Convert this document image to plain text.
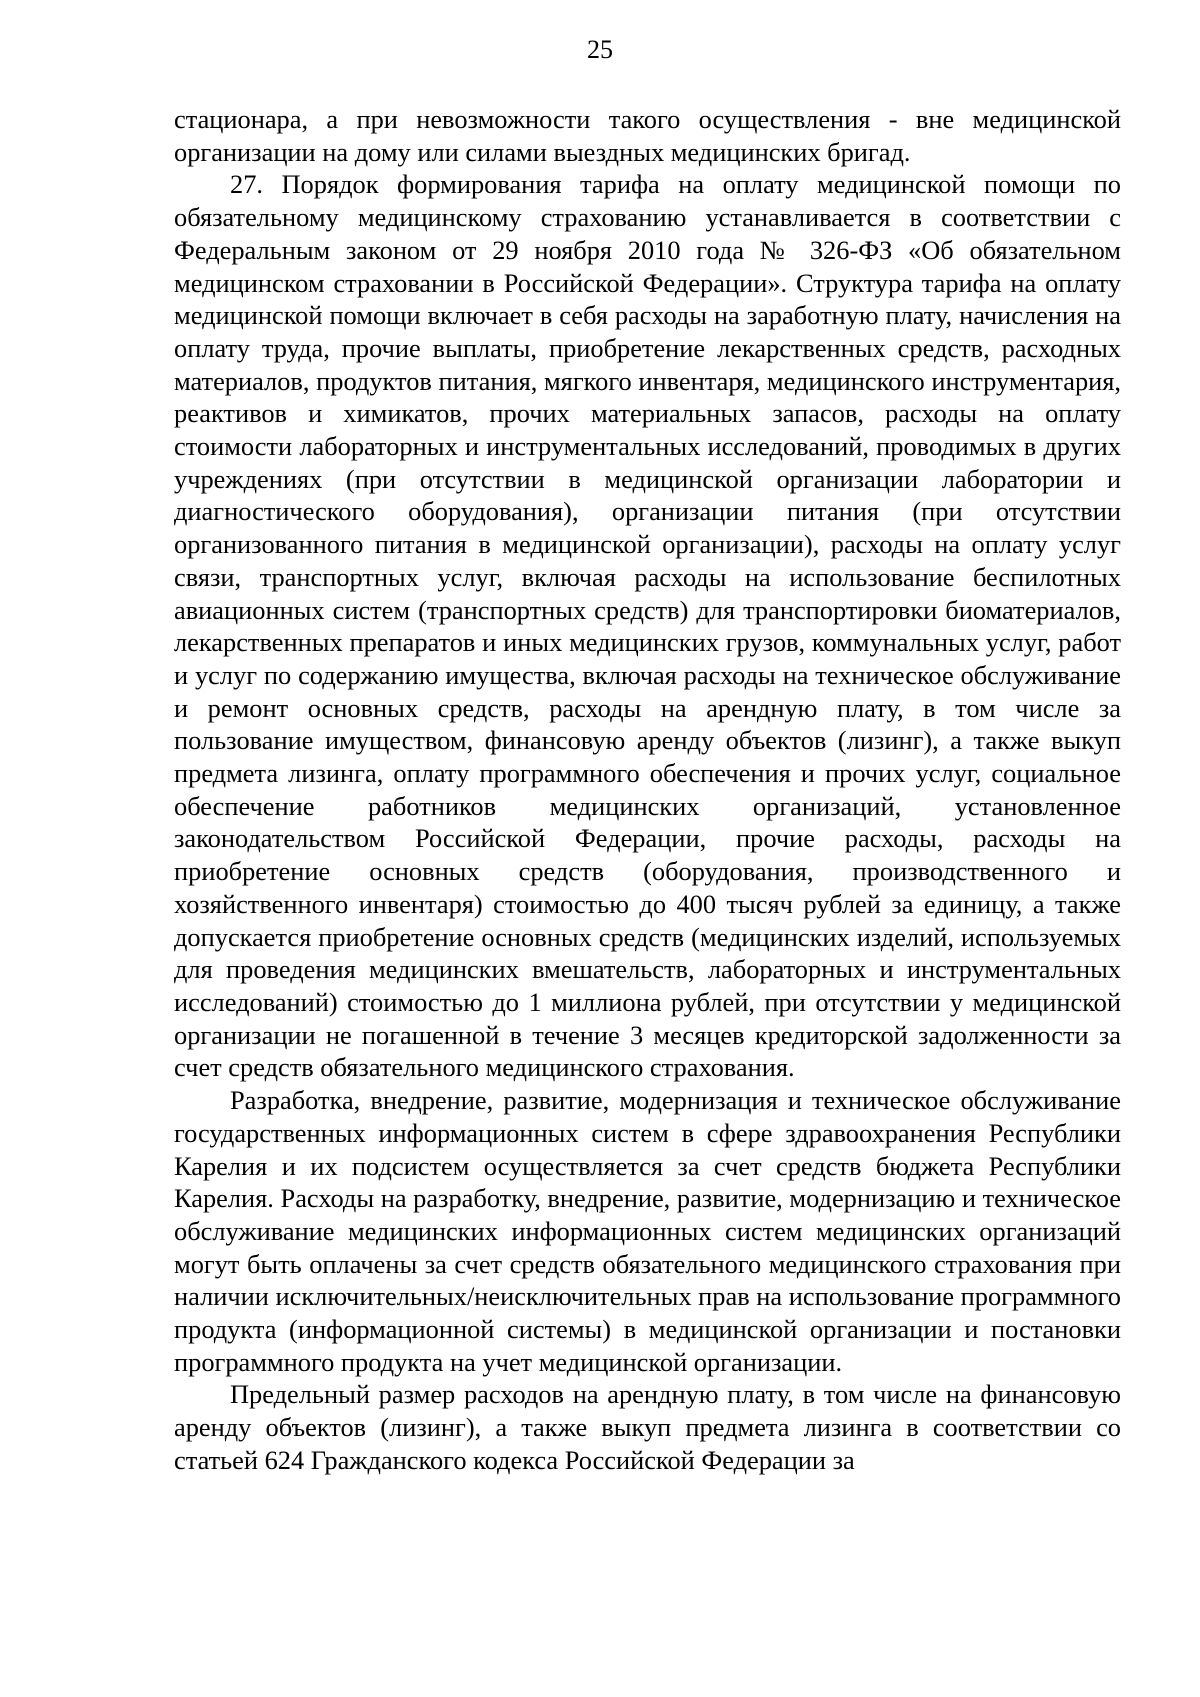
25

стационара, а при невозможности такого осуществления - вне медицинской организации на дому или силами выездных медицинских бригад.

27. Порядок формирования тарифа на оплату медицинской помощи по обязательному медицинскому страхованию устанавливается в соответствии с Федеральным законом от 29 ноября 2010 года № 326-ФЗ «Об обязательном медицинском страховании в Российской Федерации». Структура тарифа на оплату медицинской помощи включает в себя расходы на заработную плату, начисления на оплату труда, прочие выплаты, приобретение лекарственных средств, расходных материалов, продуктов питания, мягкого инвентаря, медицинского инструментария, реактивов и химикатов, прочих материальных запасов, расходы на оплату стоимости лабораторных и инструментальных исследований, проводимых в других учреждениях (при отсутствии в медицинской организации лаборатории и диагностического оборудования), организации питания (при отсутствии организованного питания в медицинской организации), расходы на оплату услуг связи, транспортных услуг, включая расходы на использование беспилотных авиационных систем (транспортных средств) для транспортировки биоматериалов, лекарственных препаратов и иных медицинских грузов, коммунальных услуг, работ и услуг по содержанию имущества, включая расходы на техническое обслуживание и ремонт основных средств, расходы на арендную плату, в том числе за пользование имуществом, финансовую аренду объектов (лизинг), а также выкуп предмета лизинга, оплату программного обеспечения и прочих услуг, социальное обеспечение работников медицинских организаций, установленное законодательством Российской Федерации, прочие расходы, расходы на приобретение основных средств (оборудования, производственного и хозяйственного инвентаря) стоимостью до 400 тысяч рублей за единицу, а также допускается приобретение основных средств (медицинских изделий, используемых для проведения медицинских вмешательств, лабораторных и инструментальных исследований) стоимостью до 1 миллиона рублей, при отсутствии у медицинской организации не погашенной в течение 3 месяцев кредиторской задолженности за счет средств обязательного медицинского страхования.

Разработка, внедрение, развитие, модернизация и техническое обслуживание государственных информационных систем в сфере здравоохранения Республики Карелия и их подсистем осуществляется за счет средств бюджета Республики Карелия. Расходы на разработку, внедрение, развитие, модернизацию и техническое обслуживание медицинских информационных систем медицинских организаций могут быть оплачены за счет средств обязательного медицинского страхования при наличии исключительных/неисключительных прав на использование программного продукта (информационной системы) в медицинской организации и постановки программного продукта на учет медицинской организации.

Предельный размер расходов на арендную плату, в том числе на финансовую аренду объектов (лизинг), а также выкуп предмета лизинга в соответствии со статьей 624 Гражданского кодекса Российской Федерации за
